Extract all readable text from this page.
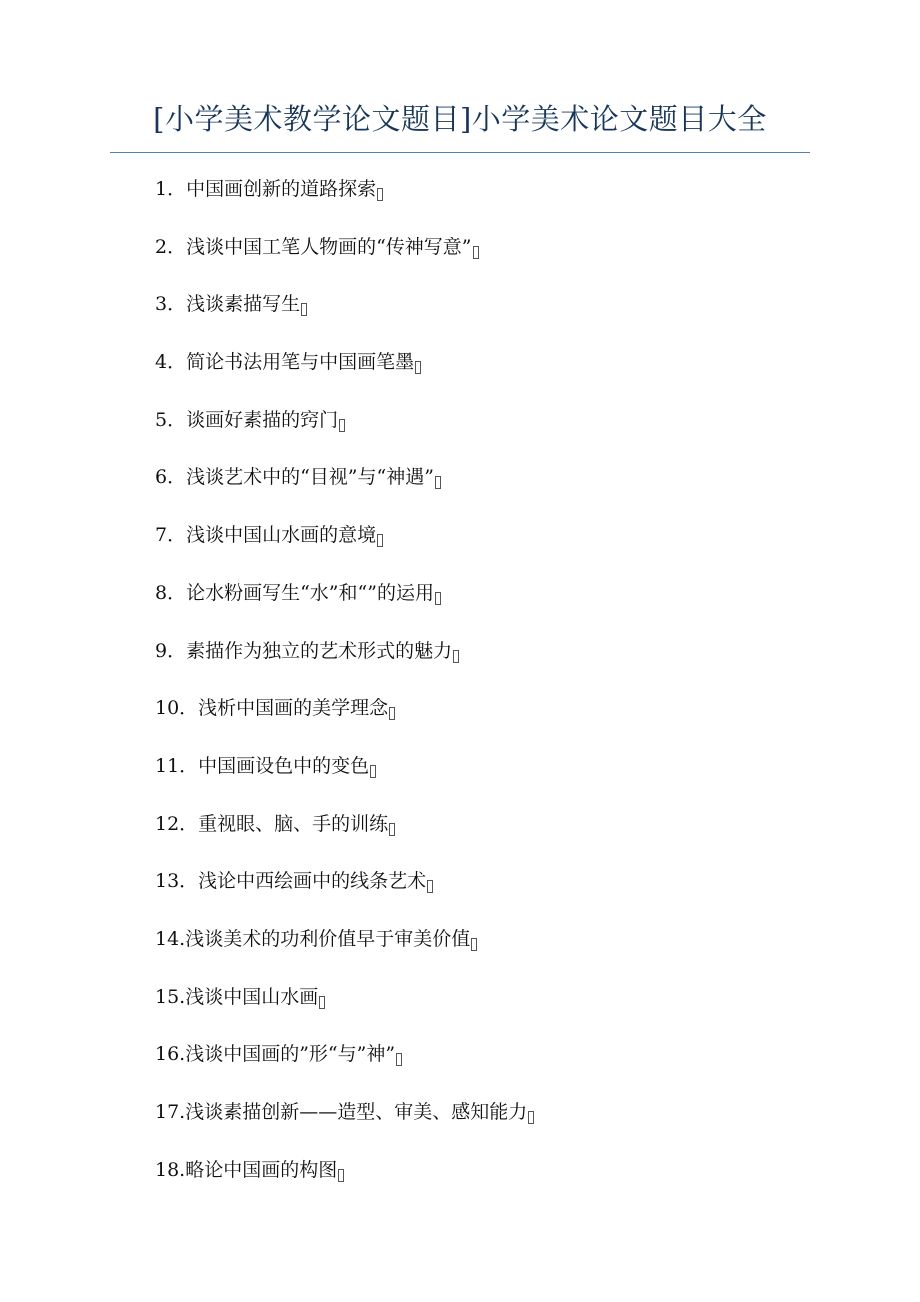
[小学美术教学论文题目]小学美术论文题目大全
1．中国画创新的道路探索
2．浅谈中国工笔人物画的“传神写意”
3．浅谈素描写生
4．简论书法用笔与中国画笔墨
5．谈画好素描的窍门
6．浅谈艺术中的“目视”与“神遇”
7．浅谈中国山水画的意境
8．论水粉画写生“水”和“”的运用
9．素描作为独立的艺术形式的魅力
10．浅析中国画的美学理念
11．中国画设色中的变色
12．重视眼、脑、手的训练
13．浅论中西绘画中的线条艺术
14.浅谈美术的功利价值早于审美价值
15.浅谈中国山水画
16.浅谈中国画的”形“与”神”
17.浅谈素描创新——造型、审美、感知能力
18.略论中国画的构图
